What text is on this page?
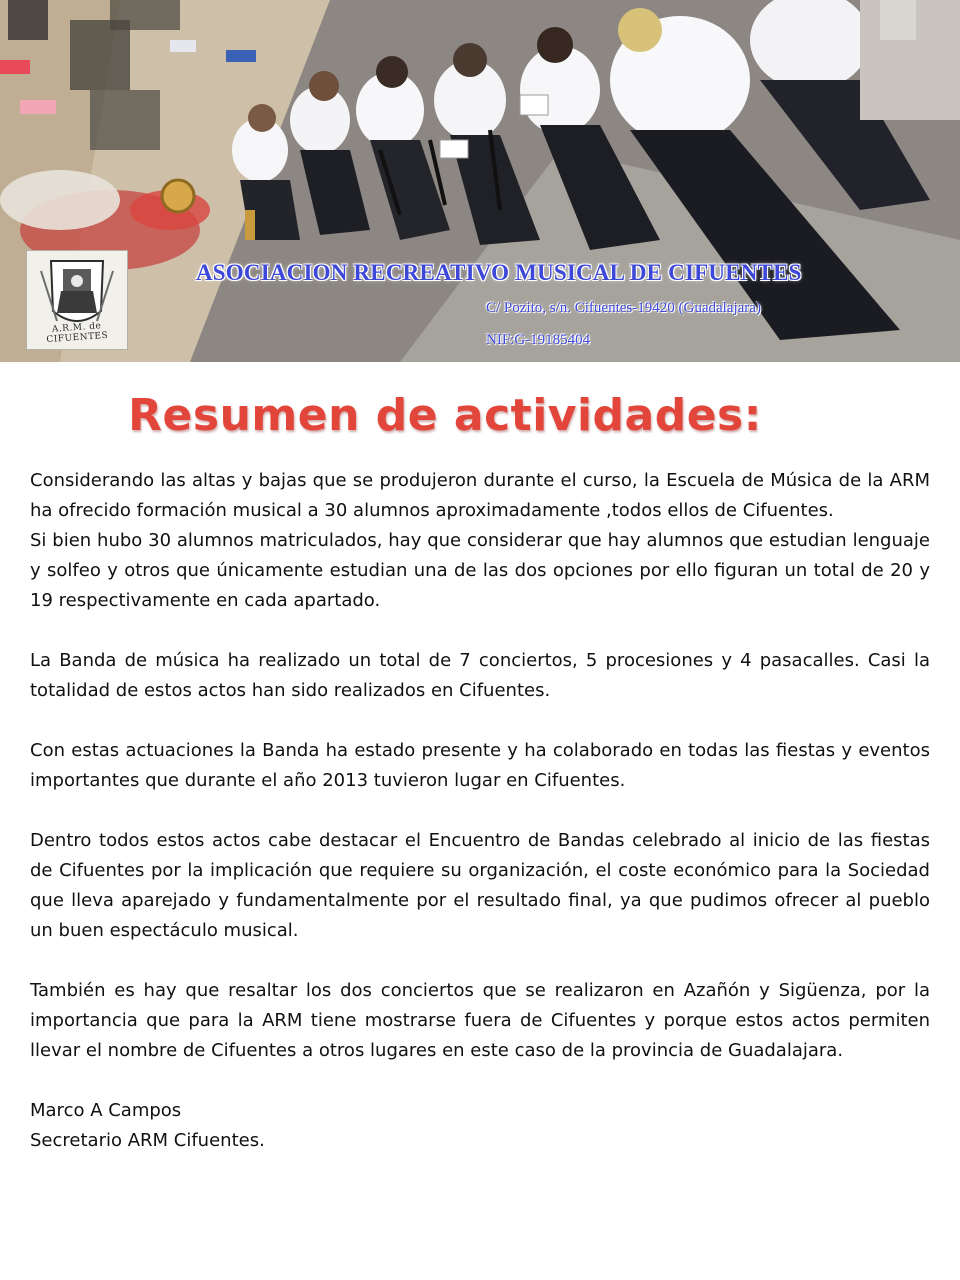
A.R.M. de CIFUENTES
ASOCIACION RECREATIVO MUSICAL DE CIFUENTES
C/ Pozito, s/n. Cifuentes-19420 (Guadalajara)
NIF:G-19185404
Resumen de actividades:

Considerando las altas y bajas que se produjeron durante el curso, la Escuela de Música de la ARM ha ofrecido formación musical a 30 alumnos aproximadamente ,todos ellos de Cifuentes.

Si bien hubo 30 alumnos matriculados, hay que considerar que hay alumnos que estudian lenguaje y solfeo y otros que únicamente estudian una de las dos opciones por ello figuran un total de 20 y 19 respectivamente en cada apartado.

La Banda de música ha realizado un total de 7 conciertos, 5 procesiones y 4 pasacalles. Casi la totalidad de estos actos han sido realizados en Cifuentes.

Con estas actuaciones la Banda ha estado presente y ha colaborado en todas las fiestas y eventos importantes que durante el año 2013 tuvieron lugar en Cifuentes.

Dentro todos estos actos cabe destacar el Encuentro de Bandas celebrado al inicio de las fiestas de Cifuentes por la implicación que requiere su organización, el coste económico para la Sociedad que lleva aparejado y fundamentalmente por el resultado final, ya que pudimos ofrecer al pueblo un buen espectáculo musical.

También es hay que resaltar los dos conciertos que se realizaron en Azañón y Sigüenza, por la importancia que para la ARM tiene mostrarse fuera de Cifuentes y porque estos actos permiten llevar el nombre de Cifuentes a otros lugares en este caso de la provincia de Guadalajara.

Marco A Campos
Secretario ARM Cifuentes.
